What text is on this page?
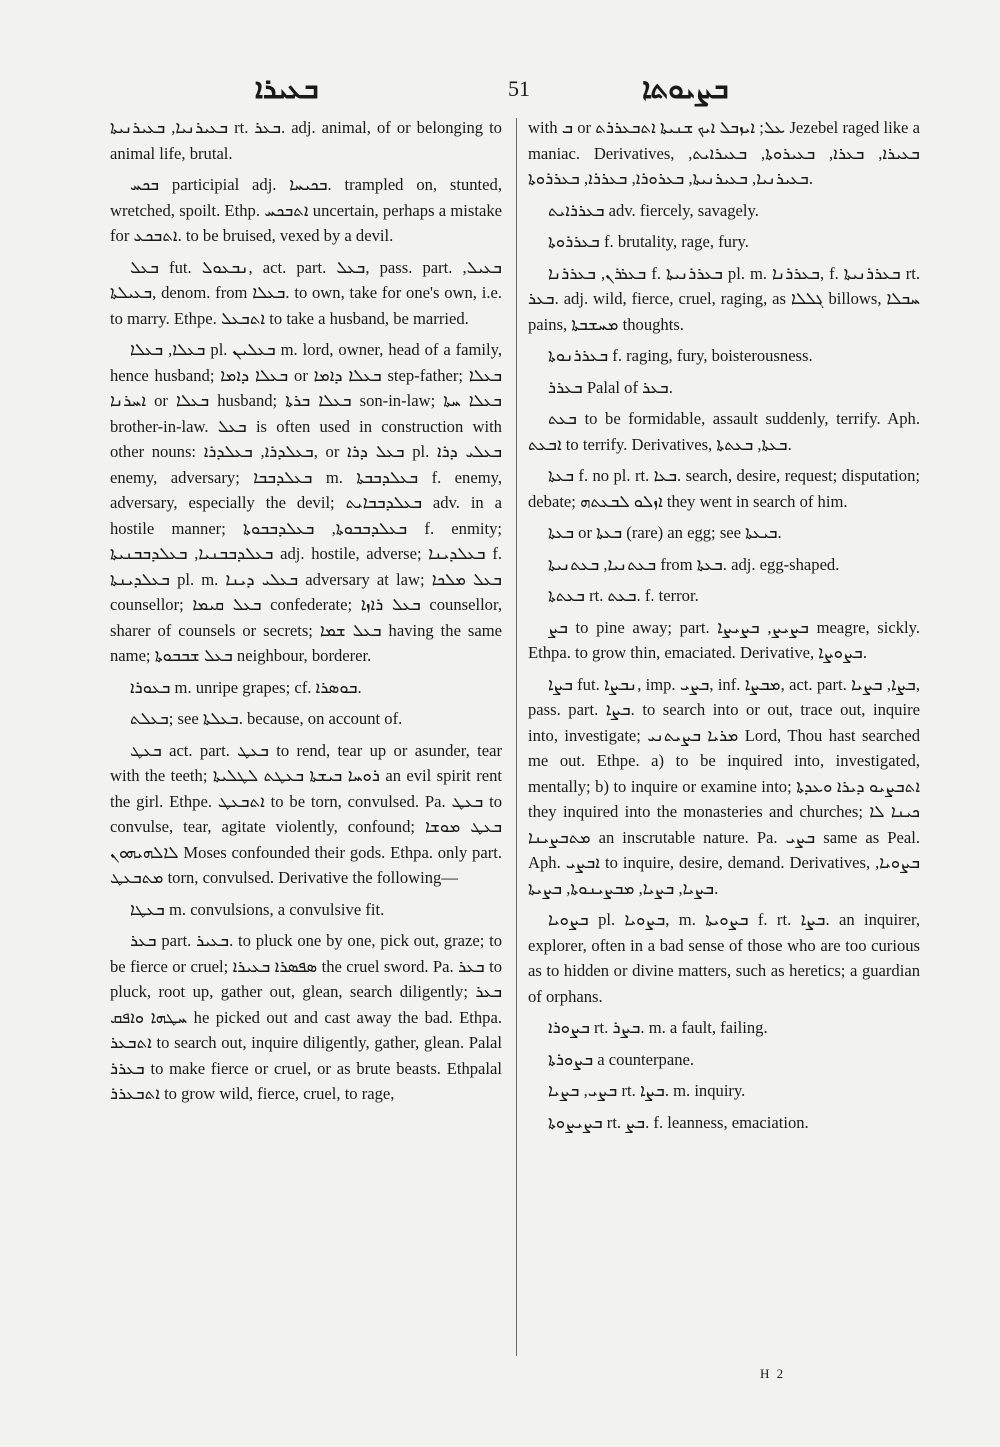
ܒܥܝܪܐ	51	ܒܨܝܘܬܐ

ܒܥܝܪܢܝܐ, ܒܥܝܪܢܝܬܐ rt. ܒܥܪ. adj. animal, of or belonging to animal life, brutal.

ܒܟܚ participial adj. ܒܟܝܚܐ. trampled on, stunted, wretched, spoilt. Ethp. ܐܬܒܟܚ uncertain, perhaps a mistake for ܐܬܒܟܥ. to be bruised, vexed by a devil.

ܒܥܠ fut. ܢܒܥܘܠ, act. part. ܒܥܠ, pass. part. ܒܥܝܠ, ܒܥܝܠܬܐ, denom. from ܒܥܠܐ. to own, take for one's own, i.e. to marry. Ethpe. ܐܬܒܥܠ to take a husband, be married.

ܒܥܠܐ, ܒܥܠܐ pl. ܒܥܠܝܢ m. lord, owner, head of a family, hence husband; ܒܥܠܐ ܕܐܡܐ or ܒܥܠܐ ܕܐܡܐ step-father; ܒܥܠܐ ܐܚܪܢܐ or ܒܥܠܐ husband; ܒܥܠܐ ܒܪܬܐ son-in-law; ܒܥܠܐ ܚܬܐ brother-in-law. ܒܥܠ is often used in construction with other nouns: ܒܥܠܕܪܐ, ܒܥܠܕܪܐ, or ܒܥܠ ܕܪܐ pl. ܒܥܠܝ ܕܪܐ enemy, adversary; ܒܥܠܕܒܒܐ m. ܒܥܠܕܒܒܬܐ f. enemy, adversary, especially the devil; ܒܥܠܕܒܒܐܝܬ adv. in a hostile manner; ܒܥܠܕܒܒܘܬܐ, ܒܥܠܕܒܒܘܬܐ f. enmity; ܒܥܠܕܒܒܢܝܐ, ܒܥܠܕܒܒܢܝܬܐ adj. hostile, adverse; ܒܥܠܕܝܢܐ f. ܒܥܠܕܝܢܬܐ pl. m. ܒܥܠܝ ܕܝܢܐ adversary at law; ܒܥܠ ܡܠܟܐ counsellor; ܒܥܠ ܩܝܡܐ confederate; ܒܥܠ ܪܐܙܐ counsellor, sharer of counsels or secrets; ܒܥܠ ܫܡܐ having the same name; ܒܥܠ ܫܒܒܘܬܐ neighbour, borderer.

ܒܥܘܪܐ m. unripe grapes; cf. ܒܘܣܪܐ.

ܒܥܠܬ; see ܒܥܠܬܐ. because, on account of.

ܒܥܛ act. part. ܒܥܛ to rend, tear up or asunder, tear with the teeth; ܪܘܚܐ ܒܝܫܬܐ ܒܥܛܬ ܠܛܠܝܬܐ an evil spirit rent the girl. Ethpe. ܐܬܒܥܛ to be torn, convulsed. Pa. ܒܥܛ to convulse, tear, agitate violently, confound; ܒܥܛ ܡܘܫܐ ܠܐܠܗܝܗܘܢ Moses confounded their gods. Ethpa. only part. ܡܬܒܥܛ torn, convulsed. Derivative the following—

ܒܥܛܐ m. convulsions, a convulsive fit.

ܒܥܪ part. ܒܥܝܪ. to pluck one by one, pick out, graze; to be fierce or cruel; ܣܦܣܪܐ ܒܥܝܪܐ the cruel sword. Pa. ܒܥܪ to pluck, root up, gather out, glean, search diligently; ܒܥܪ ܚܛܗܐ ܘܐܦܩ he picked out and cast away the bad. Ethpa. ܐܬܒܥܪ to search out, inquire diligently, gather, glean. Palal ܒܥܪܪ to make fierce or cruel, or as brute beasts. Ethpalal ܐܬܒܥܪܪ to grow wild, fierce, cruel, to rage,

with ܒ or ܥܠ; ܐܝܙܒܠ ܐܝܟ ܫܢܝܬܐ ܐܬܒܥܪܪܬ Jezebel raged like a maniac. Derivatives, ܒܥܝܪܐ, ܒܥܪܐ, ܒܥܝܪܘܬܐ, ܒܥܝܪܐܝܬ, ܒܥܝܪܢܝܐ, ܒܥܝܪܢܝܬܐ, ܒܥܪܘܪܐ, ܒܥܪܪܐ, ܒܥܪܪܘܬܐ.

ܒܥܪܪܐܝܬ adv. fiercely, savagely.

ܒܥܪܪܘܬܐ f. brutality, rage, fury.

ܒܥܪܪܢ, ܒܥܪܪܢܐ f. ܒܥܪܪܢܝܬܐ pl. m. ܒܥܪܪܢܐ, f. ܒܥܪܪܢܝܬܐ rt. ܒܥܪ. adj. wild, fierce, cruel, raging, as ܓܠܠܐ billows, ܚܒܠܐ pains, ܡܚܫܒܬܐ thoughts.

ܒܥܪܪܢܘܬܐ f. raging, fury, boisterousness.

ܒܥܪܪ Palal of ܒܥܪ.

ܒܥܬ to be formidable, assault suddenly, terrify. Aph. ܐܒܥܬ to terrify. Derivatives, ܒܥܬܐ, ܒܥܬܬܐ.

ܒܥܬܐ f. no pl. rt. ܒܥܐ. search, desire, request; disputation; debate; ܐܙܠܘ ܠܒܥܬܗ they went in search of him.

ܒܥܬܐ or ܒܥܬܐ (rare) an egg; see ܒܝܥܬܐ.

ܒܥܬܢܝܐ, ܒܥܬܢܝܬܐ from ܒܥܬܐ. adj. egg-shaped.

ܒܥܬܬܐ rt. ܒܥܬ. f. terror.

ܒܨ to pine away; part. ܒܨܝܨ, ܒܨܝܨܐ meagre, sickly. Ethpa. to grow thin, emaciated. Derivative, ܒܨܘܨܐ.

ܒܨܐ fut. ܢܒܨܐ, imp. ܒܨܝ, inf. ܡܒܨܐ, act. part. ܒܨܐ, ܒܨܝܐ, pass. part. ܒܨܐ. to search into or out, trace out, inquire into, investigate; ܡܪܝܐ ܒܨܝܬܢܝ Lord, Thou hast searched me out. Ethpe. a) to be inquired into, investigated, mentally; b) to inquire or examine into; ܐܬܒܨܝܘ ܕܝܪܐ ܘܥܕܬܐ they inquired into the monasteries and churches; ܟܝܢܐ ܠܐ ܡܬܒܨܝܢܐ an inscrutable nature. Pa. ܒܨܝ same as Peal. Aph. ܐܒܨܝ to inquire, desire, demand. Derivatives, ܒܨܘܝܐ, ܒܨܝܐ, ܒܨܝܐ, ܡܒܨܝܢܘܬܐ, ܒܨܝܬܐ.

ܒܨܘܝܐ pl. ܒܨܘܝܐ, m. ܒܨܘܝܬܐ f. rt. ܒܨܐ. an inquirer, explorer, often in a bad sense of those who are too curious as to hidden or divine matters, such as heretics; a guardian of orphans.

ܒܨܘܪܐ rt. ܒܨܪ. m. a fault, failing.

ܒܨܘܪܬܐ a counterpane.

ܒܨܝ, ܒܨܝܐ rt. ܒܨܐ. m. inquiry.

ܒܨܝܨܘܬܐ rt. ܒܨ. f. leanness, emaciation.

H 2
